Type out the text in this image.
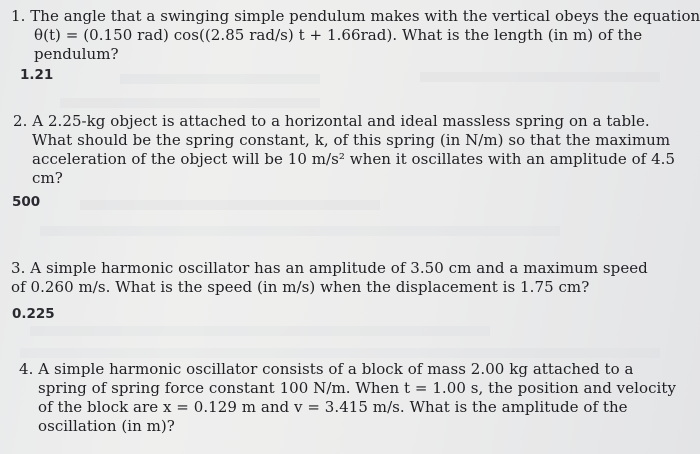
1. The angle that a swinging simple pendulum makes with the vertical obeys the equation
θ(t) = (0.150 rad) cos((2.85 rad/s) t + 1.66rad). What is the length (in m) of the
pendulum?
1.21
2. A 2.25-kg object is attached to a horizontal and ideal massless spring on a table.
What should be the spring constant, k, of this spring (in N/m) so that the maximum
acceleration of the object will be 10 m/s² when it oscillates with an amplitude of 4.5
cm?
500
3. A simple harmonic oscillator has an amplitude of 3.50 cm and a maximum speed
of 0.260 m/s. What is the speed (in m/s) when the displacement is 1.75 cm?
0.225
4. A simple harmonic oscillator consists of a block of mass 2.00 kg attached to a
spring of spring force constant 100 N/m. When t = 1.00 s, the position and velocity
of the block are x = 0.129 m and v = 3.415 m/s. What is the amplitude of the
oscillation (in m)?
